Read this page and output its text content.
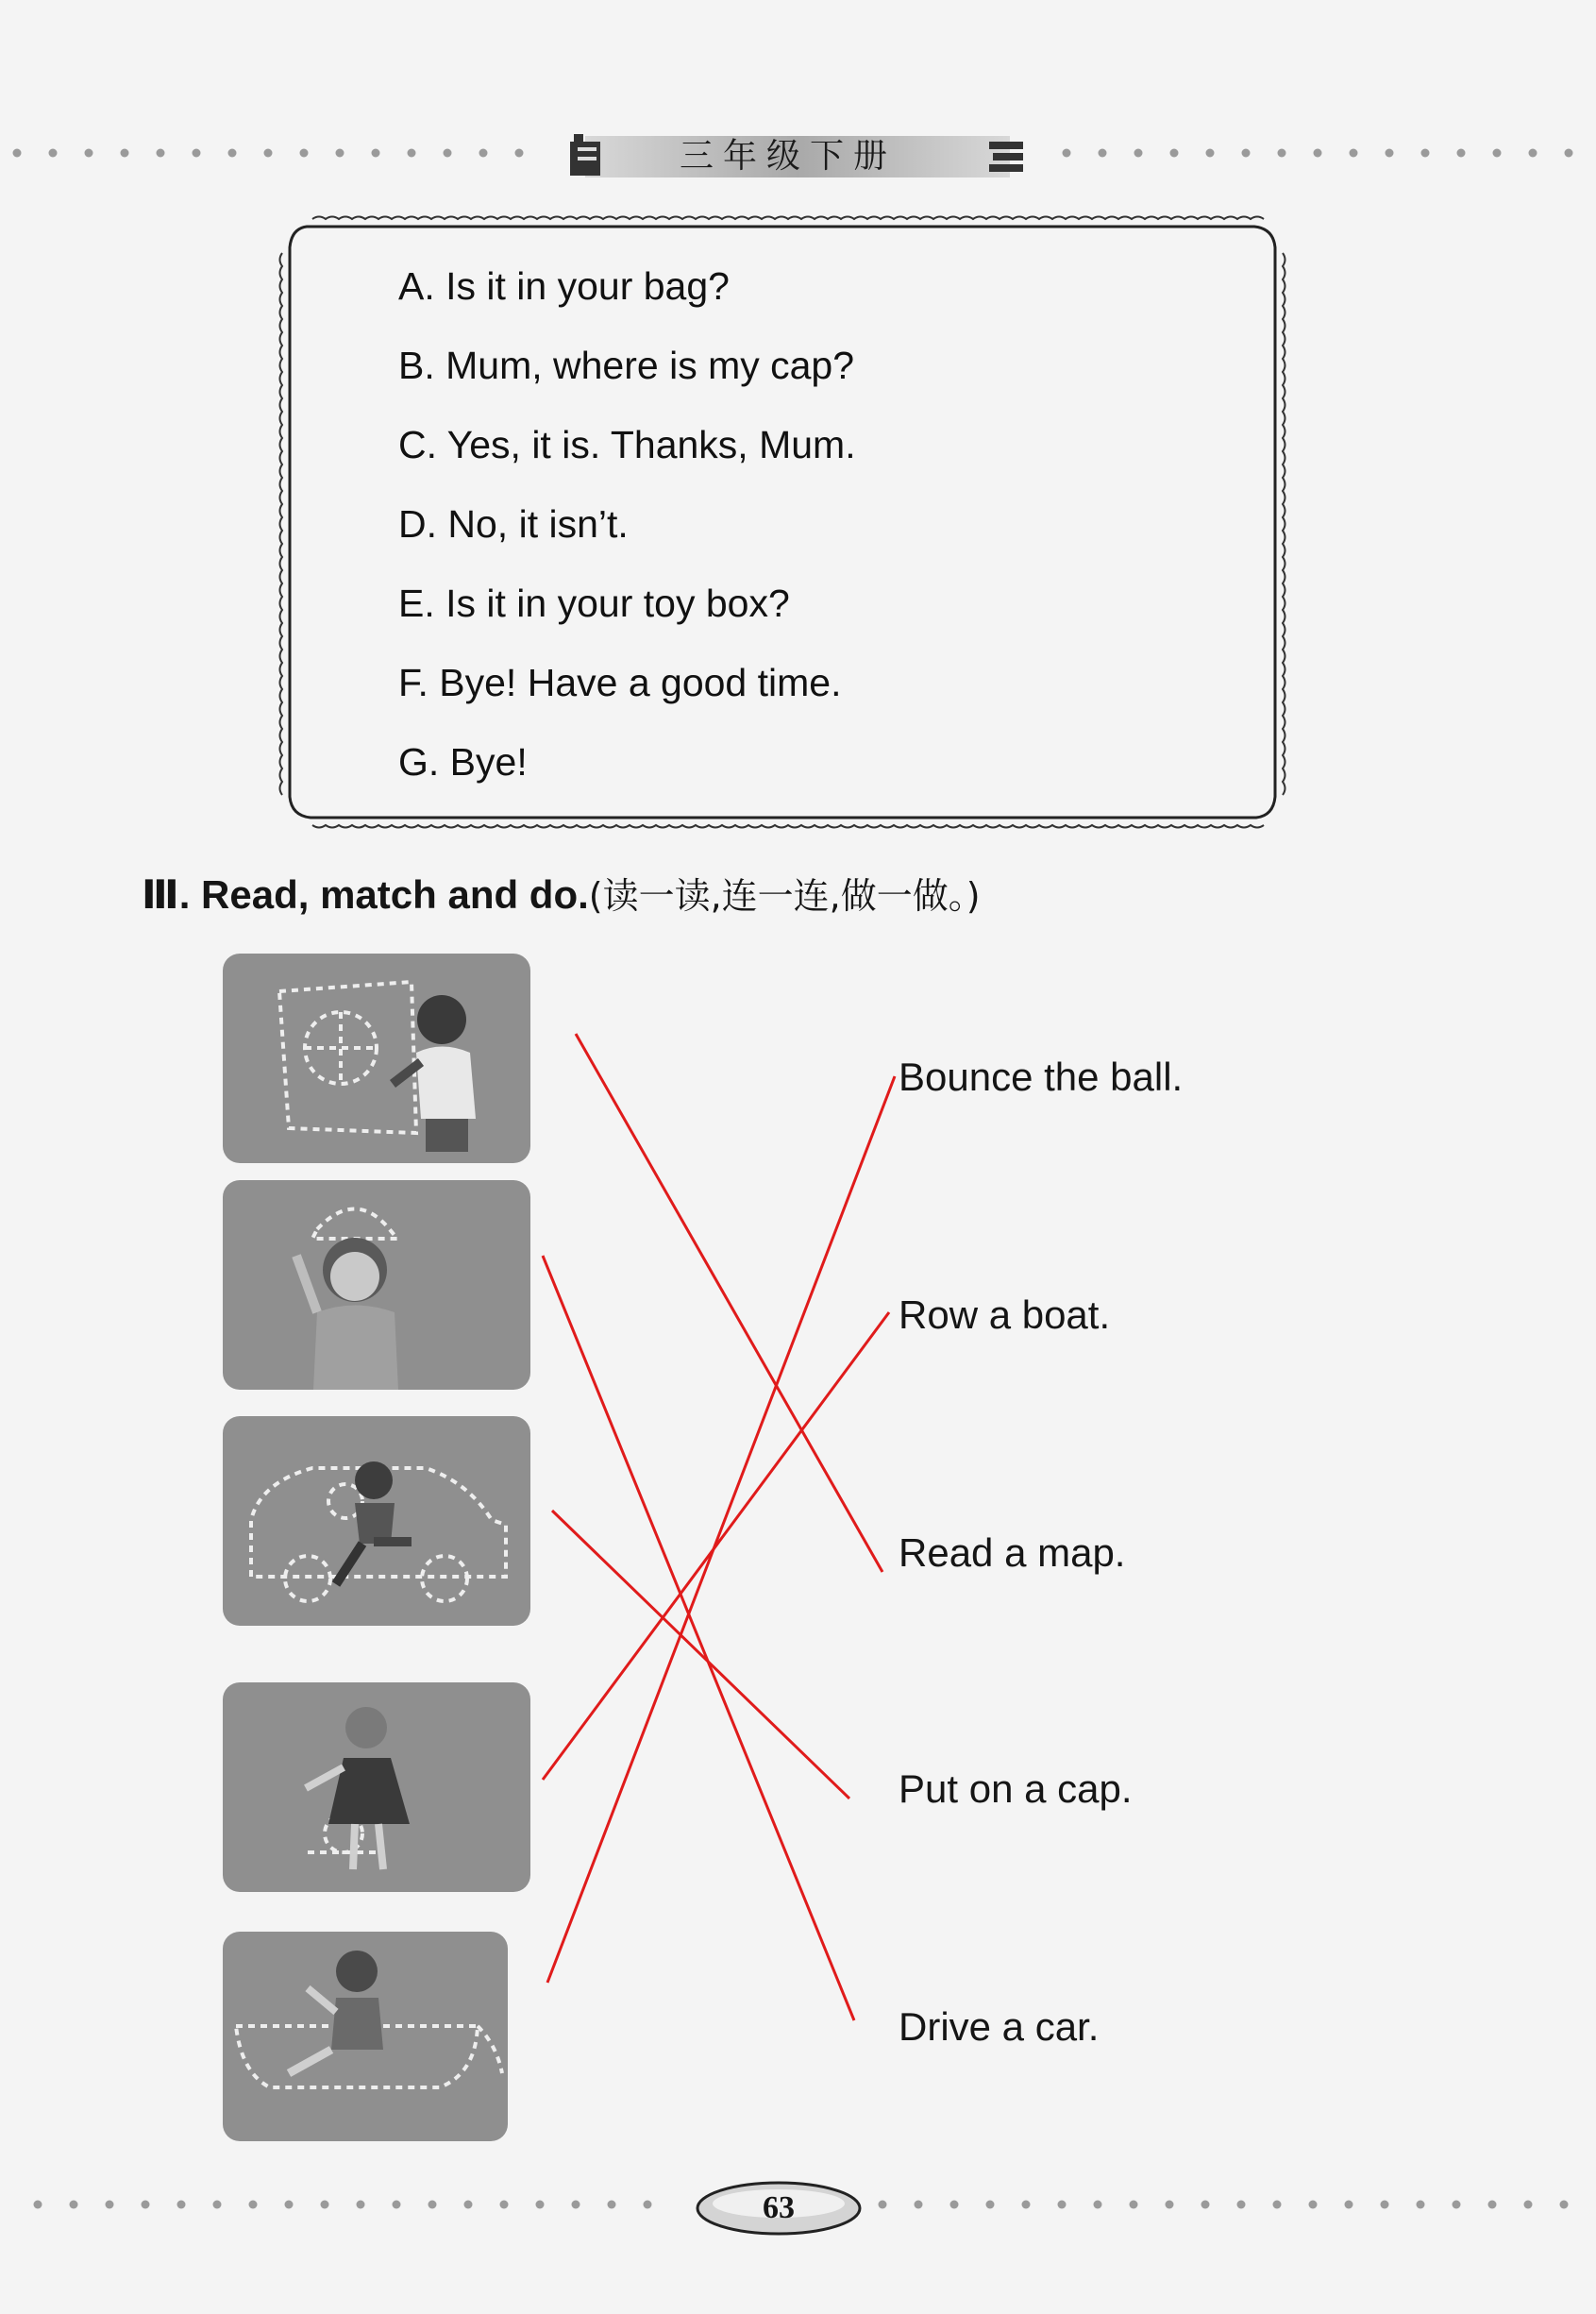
三年级下册
A. Is it in your bag?
B. Mum, where is my cap?
C. Yes, it is. Thanks, Mum.
D. No, it isn’t.
E. Is it in your toy box?
F. Bye! Have a good time.
G. Bye!
Ⅲ. Read, match and do.(读一读,连一连,做一做。)
Bounce the ball.
Row a boat.
Read a map.
Put on a cap.
Drive a car.
63
